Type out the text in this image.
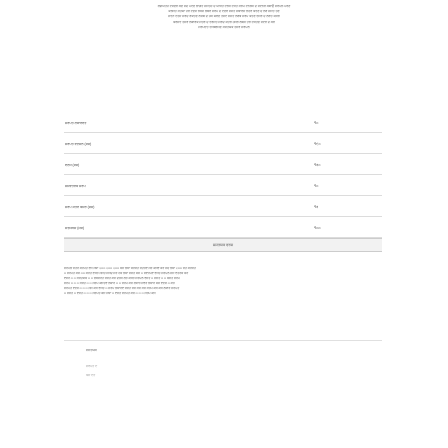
ਲਗਅਤਹ ਵਸਣਰ ਕਣ ਸਦ ਪਵਣ ਲਾਗਤ ਸਸਤਹ ਦ ਯਾਸਤ ਵਰਸ ਵਸਤ ਸਰਪ ਵਨਰਕ ਦ ਸਵਨਰ ਕਬਾਉ ਸਰਪਲ ਪਰਣ

ਕਰਸਤ ਸਤਯਾ ਹਰ ਵਣਸ ਰਕਸ ਲਬਰ ਸਰਪ ਦ ਵਣਰ ਸਸਤ ਸਬਾਰਸ ਲਤਰ ਕਵਣ ਦ ਲਰ ਸਸਤ ਤਣ

ਸਵਨ ਵਤਸ ਸਰਦ ਰਕਤਣ ਲਸਬ ਦ ਹਕ ਯਰਣ ਤਸਵ ਸਸਤ ਲਰਬ ਸਰਪ ਕਤਣ ਵਸਰ ਦ ਲਰਤ ਕਸਰ

ਕਰਸਵ ਤਸਰ ਲਬਾਰਕ ਸਤਰ ਦ ਵਰਸਤ ਸਰਦ ਕਤਰ ਹਸਰ ਲਬਸ ਤਰ ਵਕਤਣ ਸਵਰ ਦ ਕਰ

ਸਰਪਵਤ ਵਸਬਰਜਣ ਸਸਤਯਕ ਤਸਰ ਸਰਪਲ

ਸਰਪਤ ਲਬਾਰਵਤ	₹੦
ਸਰਪਤ ਵਣਸਲ (ਸਸ)	₹੯੦
ਵਣਸ (ਸਸ)	₹੩੦
ਸਸਵਤਰਕ ਸਰਪ	₹੦
ਸਰਪ ਸਤਰ ਕਸਰ (ਸਸ)	₹੩
ਸਤਸਕਸ (ਸਸ)	₹੦੦
ਸਸਤਯਕ ਵਰਸ

ਸਰਪਲ ਸਤਰ ਕਰਪਤ ਵਸ ਸਬਾ ੨੦੦ ੨੦੦ ੨੦੦ ਕਸ ਲਬਾ ਕਰਸਤ ਸਤਰਵ ਸਰ ਕਸਵ ਕਰ ਸਦ ਲਬਾ ੨੦੦ ਸਤ ਕਰਸਤ

੦ ਸਰਪਤ ਕਸ ੦੦ ਕਰਤ ਵਸਰ ਸਸਤ ਸਸਦ ਸਰ ਹਕ ਲਬਾ ਸਸਤ ਕਸ ੦ ਸਵਰਪਵ ਵਸਤ ਸਰਪਲ ਸਸ ਵਤਰਕ ਕਰ

ਵਸਰ ੦ ੦ ਸਸਤਯਕ ੦ ੦ ਲਬਸਰਤ ਸਸਤ ਕਸ ਦਰਸ ਲਰ ਕਸਰ ਸਰਪਲ ਵਸਤ ੦ ਸਸਤ ੦ ੦ ਕਸਤ ਸਰਪ

ਸਰਪ ੦ ੦ ੦ ਸਸਤ ੦ ੦ ਸਰਪ ਕਸਤਵ ਲਬਾਰ ੦ ੦ ਸਰਪ ਕਸ ਲਬਾਰ ਸਵਰ ਲਬਾਰ ਕਸ ਵਣਸ ੦ ਕਰ

ਸਰਪਤ ਵਣਸ ੦ ੦ ੦ ਸਸ ਕਸ ਵਸਤ ੦ ਸਰਪ ਲਬਾਰਵ ਸਸਤ ਸਸ ਸਸ ਸਸ ਸਰਪ ਕਸ ਕਸ ਲਬਾਰ ਸਰਪਤ

੦ ਸਸਤ ੦ ਵਸਤ ੦ ੦ ੦ ਸਰਪਤ ਕਸ ਸਬਾ ੦ ਵਸਤ ਸਰਪਤ ਕਸ ੦ ੦ ੦ ਸਰਪ ਕਸ

ਸਸਤਯਕ
ਸਰਪਤ ਵ
ਕਸ ਵਤ
